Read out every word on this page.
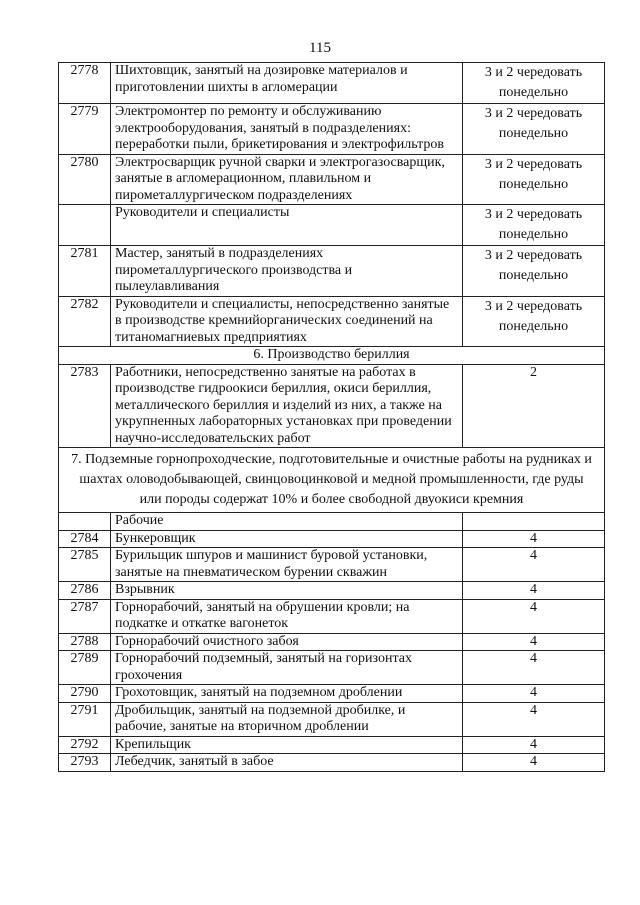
115
2778	Шихтовщик, занятый на дозировке материалов и приготовлении шихты в агломерации	3 и 2 чередовать понедельно
2779	Электромонтер по ремонту и обслуживанию электрооборудования, занятый в подразделениях: переработки пыли, брикетирования и электрофильтров	3 и 2 чередовать понедельно
2780	Электросварщик ручной сварки и электрогазосварщик, занятые в агломерационном, плавильном и пирометаллургическом подразделениях	3 и 2 чередовать понедельно
	Руководители и специалисты	3 и 2 чередовать понедельно
2781	Мастер, занятый в подразделениях пирометаллургического производства и пылеулавливания	3 и 2 чередовать понедельно
2782	Руководители и специалисты, непосредственно занятые в производстве кремнийорганических соединений на титаномагниевых предприятиях	3 и 2 чередовать понедельно
6. Производство бериллия		
2783	Работники, непосредственно занятые на работах в производстве гидроокиси бериллия, окиси бериллия, металлического бериллия и изделий из них, а также на укрупненных лабораторных установках при проведении научно-исследовательских работ	2
7. Подземные горнопроходческие, подготовительные и очистные работы на рудниках и шахтах оловодобывающей, свинцовоцинковой и медной промышленности, где руды или породы содержат 10% и более свободной двуокиси кремния		
	Рабочие	
2784	Бункеровщик	4
2785	Бурильщик шпуров и машинист буровой установки, занятые на пневматическом бурении скважин	4
2786	Взрывник	4
2787	Горнорабочий, занятый на обрушении кровли; на подкатке и откатке вагонеток	4
2788	Горнорабочий очистного забоя	4
2789	Горнорабочий подземный, занятый на горизонтах грохочения	4
2790	Грохотовщик, занятый на подземном дроблении	4
2791	Дробильщик, занятый на подземной дробилке, и рабочие, занятые на вторичном дроблении	4
2792	Крепильщик	4
2793	Лебедчик, занятый в забое	4
